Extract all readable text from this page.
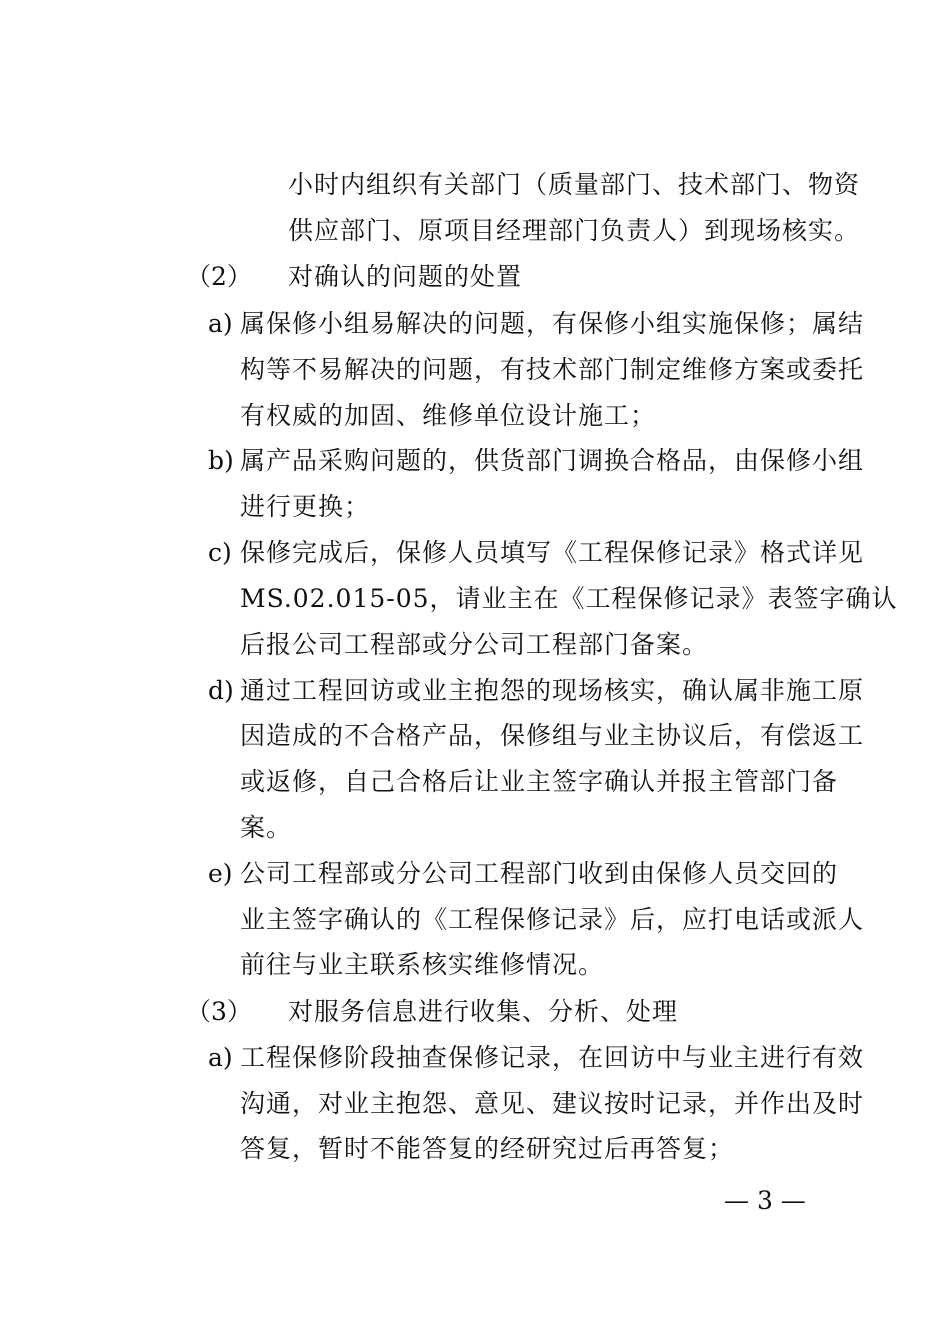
小时内组织有关部门（质量部门、技术部门、物资
供应部门、原项目经理部门负责人）到现场核实。
（2） 对确认的问题的处置
a) 属保修小组易解决的问题，有保修小组实施保修；属结
构等不易解决的问题，有技术部门制定维修方案或委托
有权威的加固、维修单位设计施工；
b) 属产品采购问题的，供货部门调换合格品，由保修小组
进行更换；
c) 保修完成后，保修人员填写《工程保修记录》格式详见
MS.02.015-05，请业主在《工程保修记录》表签字确认
后报公司工程部或分公司工程部门备案。
d) 通过工程回访或业主抱怨的现场核实，确认属非施工原
因造成的不合格产品，保修组与业主协议后，有偿返工
或返修，自己合格后让业主签字确认并报主管部门备
案。
e) 公司工程部或分公司工程部门收到由保修人员交回的
业主签字确认的《工程保修记录》后，应打电话或派人
前往与业主联系核实维修情况。
（3） 对服务信息进行收集、分析、处理
a) 工程保修阶段抽查保修记录，在回访中与业主进行有效
沟通，对业主抱怨、意见、建议按时记录，并作出及时
答复，暂时不能答复的经研究过后再答复；
— 3 —
